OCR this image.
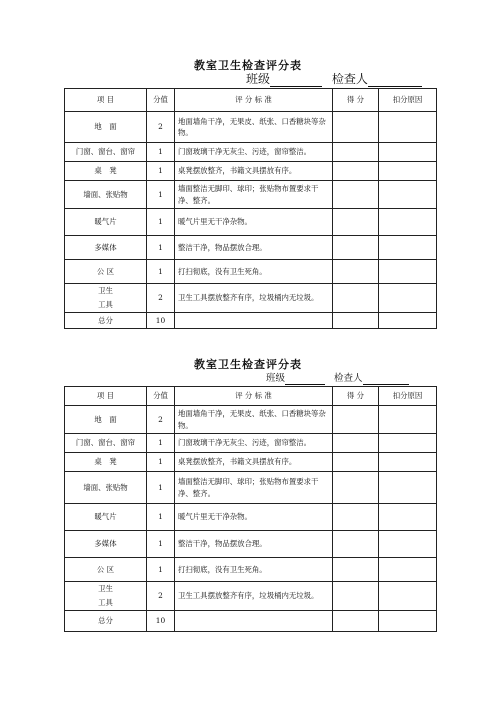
教室卫生检查评分表
班级	检查人
项 目	分值	评 分 标 准	得 分	扣分原因
地　面	2	地面墙角干净，无果皮、纸张、口香糖块等杂物。		
门窗、窗台、窗帘	1	门窗玻璃干净无灰尘、污迹，窗帘整洁。		
桌　凳	1	桌凳摆放整齐，书籍文具摆放有序。		
墙面、张贴物	1	墙面整洁无脚印、球印；张贴物布置要求干净、整齐。		
暖气片	1	暖气片里无干净杂物。		
多媒体	1	整洁干净，物品摆放合理。		
公 区	1	打扫彻底，没有卫生死角。		
卫生
工具	2	卫生工具摆放整齐有序，垃圾桶内无垃圾。		
总分	10			
教室卫生检查评分表
班级	检查人
项 目	分值	评 分 标 准	得 分	扣分原因
地　面	2	地面墙角干净，无果皮、纸张、口香糖块等杂物。		
门窗、窗台、窗帘	1	门窗玻璃干净无灰尘、污迹，窗帘整洁。		
桌　凳	1	桌凳摆放整齐，书籍文具摆放有序。		
墙面、张贴物	1	墙面整洁无脚印、球印；张贴物布置要求干净、整齐。		
暖气片	1	暖气片里无干净杂物。		
多媒体	1	整洁干净，物品摆放合理。		
公 区	1	打扫彻底，没有卫生死角。		
卫生
工具	2	卫生工具摆放整齐有序，垃圾桶内无垃圾。		
总分	10			
